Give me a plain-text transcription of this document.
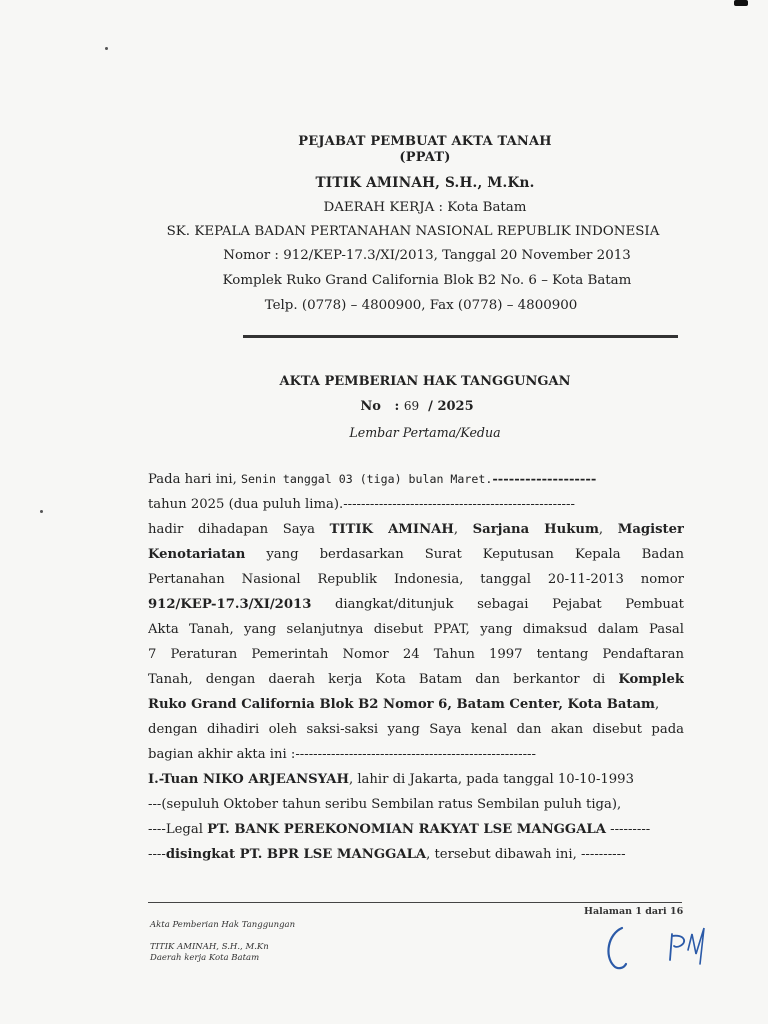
PEJABAT PEMBUAT AKTA TANAH
(PPAT)
TITIK AMINAH, S.H., M.Kn.
DAERAH KERJA : Kota Batam
SK. KEPALA BADAN PERTANAHAN NASIONAL REPUBLIK INDONESIA
Nomor : 912/KEP-17.3/XI/2013, Tanggal 20 November 2013
Komplek Ruko Grand California Blok B2 No. 6 – Kota Batam
Telp. (0778) – 4800900, Fax (0778) – 4800900
AKTA PEMBERIAN HAK TANGGUNGAN
No : 69 / 2025
Lembar Pertama/Kedua
Pada hari ini, Senin tanggal 03 (tiga) bulan Maret.-------------------
tahun 2025 (dua puluh lima).----------------------------------------------------
hadir dihadapan Saya TITIK AMINAH, Sarjana Hukum, Magister
Kenotariatan yang berdasarkan Surat Keputusan Kepala Badan
Pertanahan Nasional Republik Indonesia, tanggal 20-11-2013 nomor
912/KEP-17.3/XI/2013 diangkat/ditunjuk sebagai Pejabat Pembuat
Akta Tanah, yang selanjutnya disebut PPAT, yang dimaksud dalam Pasal
7 Peraturan Pemerintah Nomor 24 Tahun 1997 tentang Pendaftaran
Tanah, dengan daerah kerja Kota Batam dan berkantor di Komplek
Ruko Grand California Blok B2 Nomor 6, Batam Center, Kota Batam,
dengan dihadiri oleh saksi-saksi yang Saya kenal dan akan disebut pada
bagian akhir akta ini :------------------------------------------------------
I.-Tuan NIKO ARJEANSYAH, lahir di Jakarta, pada tanggal 10-10-1993
---(sepuluh Oktober tahun seribu Sembilan ratus Sembilan puluh tiga),
----Legal PT. BANK PEREKONOMIAN RAKYAT LSE MANGGALA ---------
----disingkat PT. BPR LSE MANGGALA, tersebut dibawah ini, ----------
Halaman 1 dari 16
Akta Pemberian Hak Tanggungan
TITIK AMINAH, S.H., M.Kn
Daerah kerja Kota Batam
